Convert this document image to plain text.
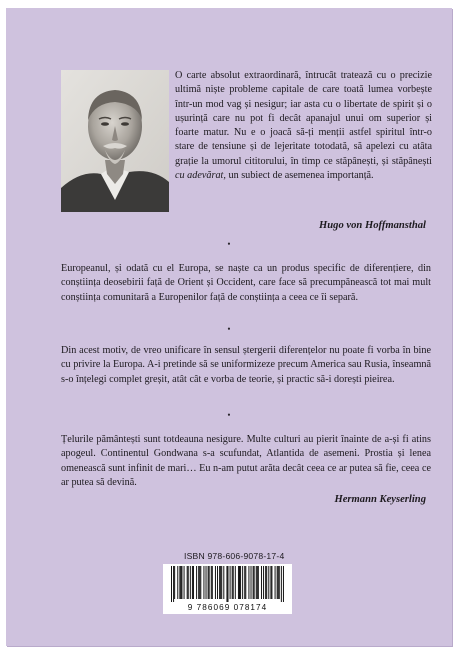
O carte absolut extraordinară, întrucât tratează cu o precizie ultimă niște probleme capitale de care toată lumea vorbește într-un mod vag și nesigur; iar asta cu o libertate de spirit și o ușurință care nu pot fi decât apanajul unui om superior și foarte matur. Nu e o joacă să-ți menții astfel spiritul într-o stare de tensiune și de lejeritate totodată, să apelezi cu atâta grație la umorul cititorului, în timp ce stăpânești, și stăpânești cu adevărat, un subiect de asemenea importanță.
Hugo von Hoffmansthal
•
Europeanul, și odată cu el Europa, se naște ca un produs specific de diferențiere, din conștiința deosebirii față de Orient și Occident, care face să precumpănească tot mai mult conștiința comunitară a Europenilor față de conștiința a ceea ce îi separă.
•
Din acest motiv, de vreo unificare în sensul ștergerii diferențelor nu poate fi vorba în bine cu privire la Europa. A-i pretinde să se uniformizeze precum America sau Rusia, înseamnă s-o înțelegi complet greșit, atât cât e vorba de teorie, și practic să-i dorești pieirea.
•
Țelurile pământești sunt totdeauna nesigure. Multe culturi au pierit înainte de a-și fi atins apogeul. Continentul Gondwana s-a scufundat, Atlantida de asemeni. Prostia și lenea omenească sunt infinit de mari… Eu n-am putut arăta decât ceea ce ar putea să fie, ceea ce ar putea să devină.
Hermann Keyserling
ISBN 978-606-9078-17-4
9 786069 078174
